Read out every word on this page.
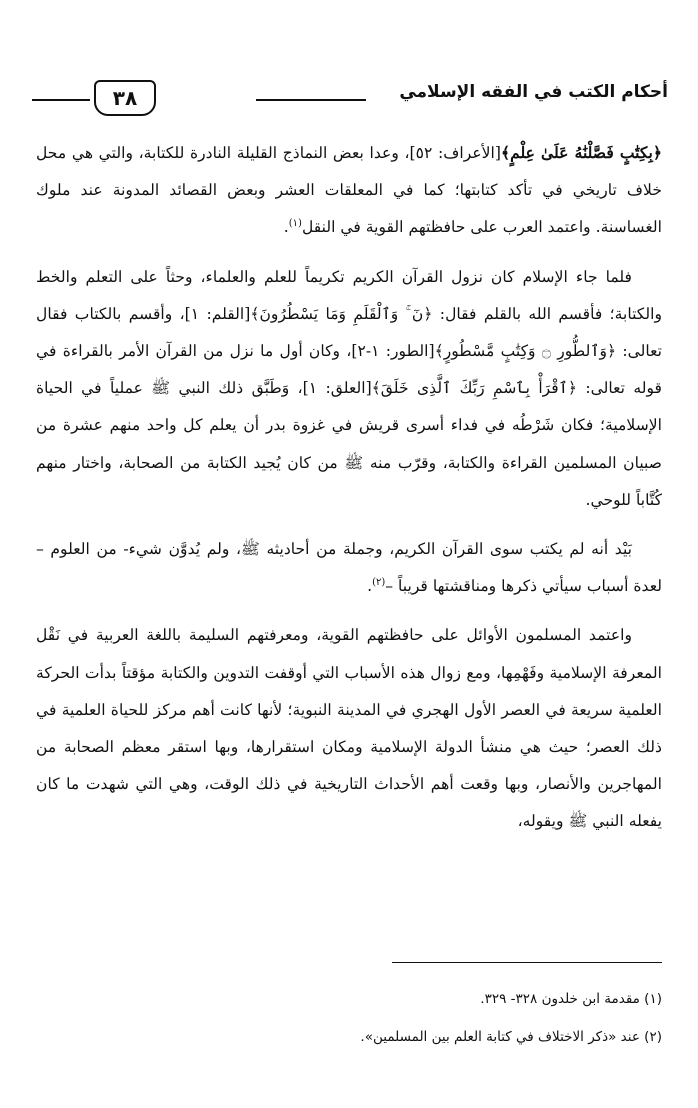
أحكام الكتب في الفقه الإسلامي
٣٨

﴿بِكِتَٰبٍ فَصَّلْنَٰهُ عَلَىٰ عِلْمٍ﴾[الأعراف: ٥٢]، وعدا بعض النماذج القليلة النادرة للكتابة، والتي هي محل خلاف تاريخي في تأكد كتابتها؛ كما في المعلقات العشر وبعض القصائد المدونة عند ملوك الغساسنة. واعتمد العرب على حافظتهم القوية في النقل$^{(١)}$.

فلما جاء الإسلام كان نزول القرآن الكريم تكريماً للعلم والعلماء، وحثاً على التعلم والخط والكتابة؛ فأقسم الله بالقلم فقال: ﴿نٓ ۚ وَٱلْقَلَمِ وَمَا يَسْطُرُونَ﴾[القلم: ١]، وأقسم بالكتاب فقال تعالى: ﴿وَٱلطُّورِ ۝ وَكِتَٰبٍ مَّسْطُورٍ﴾[الطور: ١-٢]، وكان أول ما نزل من القرآن الأمر بالقراءة في قوله تعالى: ﴿ٱقْرَأْ بِٱسْمِ رَبِّكَ ٱلَّذِى خَلَقَ﴾[العلق: ١]، وَطَبَّق ذلك النبي ﷺ عملياً في الحياة الإسلامية؛ فكان شَرْطُه في فداء أسرى قريش في غزوة بدر أن يعلم كل واحد منهم عشرة من صبيان المسلمين القراءة والكتابة، وقرّب منه ﷺ من كان يُجيد الكتابة من الصحابة، واختار منهم كُتَّاباً للوحي.

بَيْد أنه لم يكتب سوى القرآن الكريم، وجملة من أحاديثه ﷺ، ولم يُدوَّن شيء- من العلوم –لعدة أسباب سيأتي ذكرها ومناقشتها قريباً –$^{(٢)}$.

واعتمد المسلمون الأوائل على حافظتهم القوية، ومعرفتهم السليمة باللغة العربية في نَقْل المعرفة الإسلامية وفَهْمِها، ومع زوال هذه الأسباب التي أوقفت التدوين والكتابة مؤقتاً بدأت الحركة العلمية سريعة في العصر الأول الهجري في المدينة النبوية؛ لأنها كانت أهم مركز للحياة العلمية في ذلك العصر؛ حيث هي منشأ الدولة الإسلامية ومكان استقرارها، وبها استقر معظم الصحابة من المهاجرين والأنصار، وبها وقعت أهم الأحداث التاريخية في ذلك الوقت، وهي التي شهدت ما كان يفعله النبي ﷺ ويقوله،

(١) مقدمة ابن خلدون ٣٢٨- ٣٢٩.
(٢) عند «ذكر الاختلاف في كتابة العلم بين المسلمين».
